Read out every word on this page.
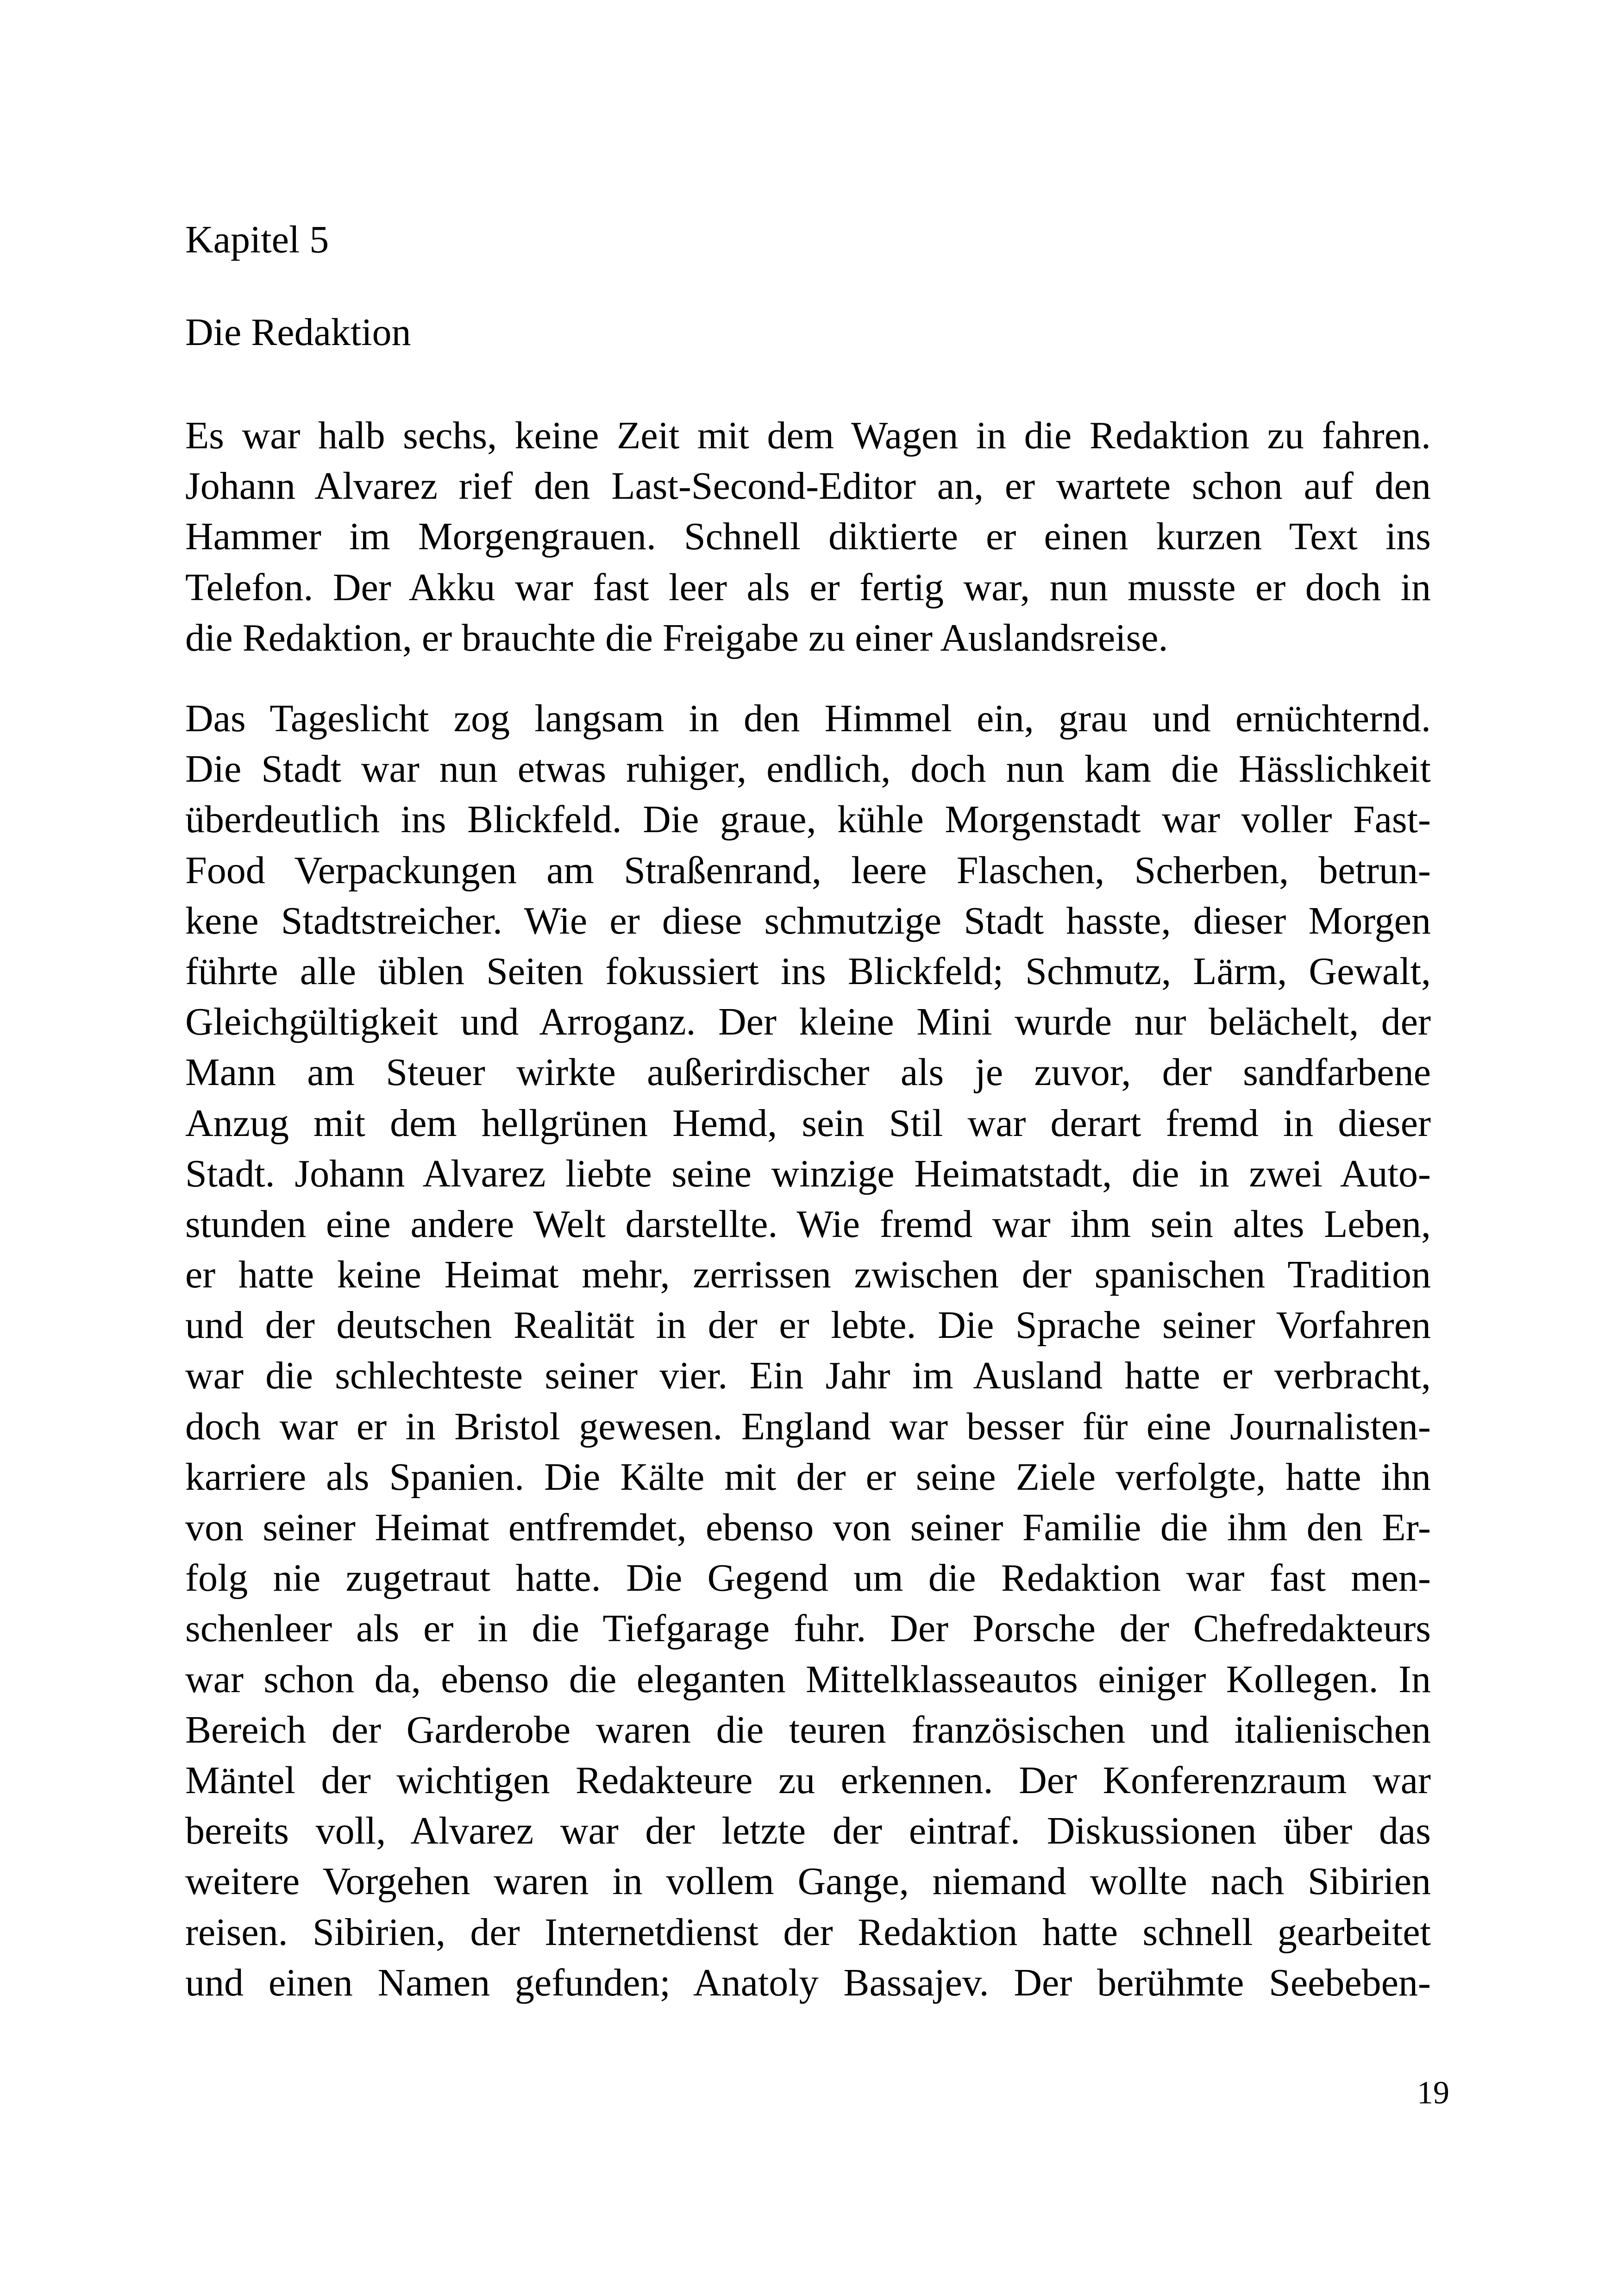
Kapitel 5
Die Redaktion
Es war halb sechs, keine Zeit mit dem Wagen in die Redaktion zu fahren.
Johann Alvarez rief den Last-Second-Editor an, er wartete schon auf den
Hammer im Morgengrauen. Schnell diktierte er einen kurzen Text ins
Telefon. Der Akku war fast leer als er fertig war, nun musste er doch in
die Redaktion, er brauchte die Freigabe zu einer Auslandsreise.
Das Tageslicht zog langsam in den Himmel ein, grau und ernüchternd.
Die Stadt war nun etwas ruhiger, endlich, doch nun kam die Hässlichkeit
überdeutlich ins Blickfeld. Die graue, kühle Morgenstadt war voller Fast-
Food Verpackungen am Straßenrand, leere Flaschen, Scherben, betrun-
kene Stadtstreicher. Wie er diese schmutzige Stadt hasste, dieser Morgen
führte alle üblen Seiten fokussiert ins Blickfeld; Schmutz, Lärm, Gewalt,
Gleichgültigkeit und Arroganz. Der kleine Mini wurde nur belächelt, der
Mann am Steuer wirkte außerirdischer als je zuvor, der sandfarbene
Anzug mit dem hellgrünen Hemd, sein Stil war derart fremd in dieser
Stadt. Johann Alvarez liebte seine winzige Heimatstadt, die in zwei Auto-
stunden eine andere Welt darstellte. Wie fremd war ihm sein altes Leben,
er hatte keine Heimat mehr, zerrissen zwischen der spanischen Tradition
und der deutschen Realität in der er lebte. Die Sprache seiner Vorfahren
war die schlechteste seiner vier. Ein Jahr im Ausland hatte er verbracht,
doch war er in Bristol gewesen. England war besser für eine Journalisten-
karriere als Spanien. Die Kälte mit der er seine Ziele verfolgte, hatte ihn
von seiner Heimat entfremdet, ebenso von seiner Familie die ihm den Er-
folg nie zugetraut hatte. Die Gegend um die Redaktion war fast men-
schenleer als er in die Tiefgarage fuhr. Der Porsche der Chefredakteurs
war schon da, ebenso die eleganten Mittelklasseautos einiger Kollegen. In
Bereich der Garderobe waren die teuren französischen und italienischen
Mäntel der wichtigen Redakteure zu erkennen. Der Konferenzraum war
bereits voll, Alvarez war der letzte der eintraf. Diskussionen über das
weitere Vorgehen waren in vollem Gange, niemand wollte nach Sibirien
reisen. Sibirien, der Internetdienst der Redaktion hatte schnell gearbeitet
und einen Namen gefunden; Anatoly Bassajev. Der berühmte Seebeben-
19
